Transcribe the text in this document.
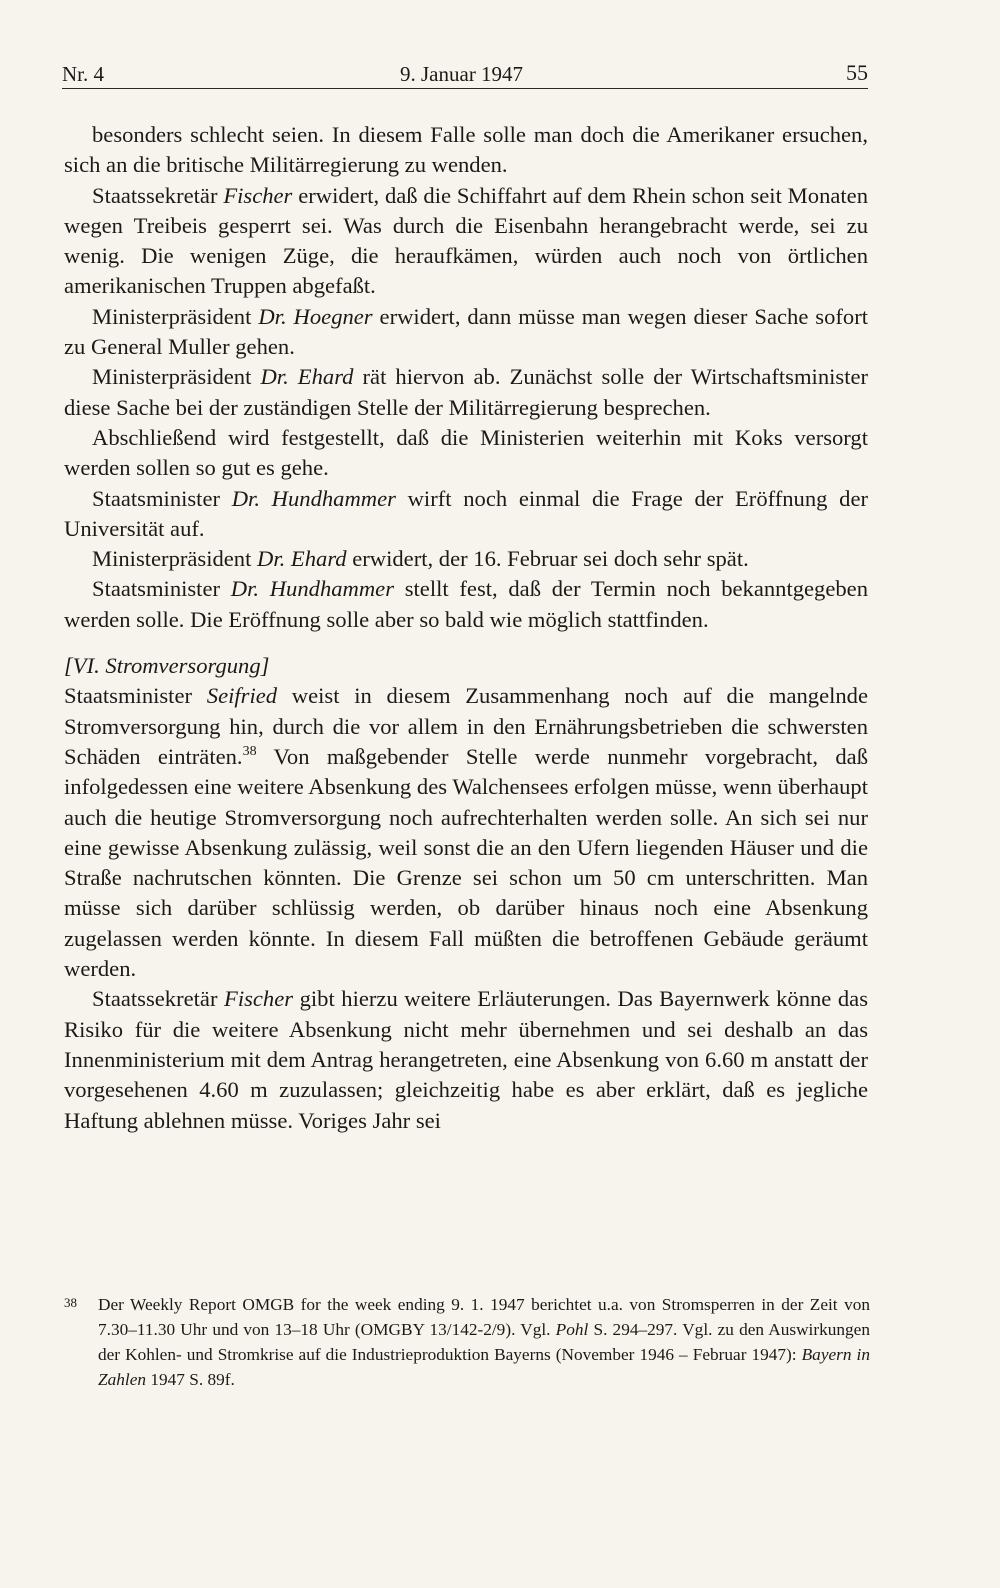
Nr. 4	9. Januar 1947	55

besonders schlecht seien. In diesem Falle solle man doch die Amerikaner ersuchen, sich an die britische Militärregierung zu wenden.

Staatssekretär Fischer erwidert, daß die Schiffahrt auf dem Rhein schon seit Monaten wegen Treibeis gesperrt sei. Was durch die Eisenbahn herangebracht werde, sei zu wenig. Die wenigen Züge, die heraufkämen, würden auch noch von örtlichen amerikanischen Truppen abgefaßt.

Ministerpräsident Dr. Hoegner erwidert, dann müsse man wegen dieser Sache sofort zu General Muller gehen.

Ministerpräsident Dr. Ehard rät hiervon ab. Zunächst solle der Wirtschaftsminister diese Sache bei der zuständigen Stelle der Militärregierung besprechen.

Abschließend wird festgestellt, daß die Ministerien weiterhin mit Koks versorgt werden sollen so gut es gehe.

Staatsminister Dr. Hundhammer wirft noch einmal die Frage der Eröffnung der Universität auf.

Ministerpräsident Dr. Ehard erwidert, der 16. Februar sei doch sehr spät.

Staatsminister Dr. Hundhammer stellt fest, daß der Termin noch bekanntgegeben werden solle. Die Eröffnung solle aber so bald wie möglich stattfinden.

[VI. Stromversorgung]

Staatsminister Seifried weist in diesem Zusammenhang noch auf die mangelnde Stromversorgung hin, durch die vor allem in den Ernährungsbetrieben die schwersten Schäden einträten.$^{38}$ Von maßgebender Stelle werde nunmehr vorgebracht, daß infolgedessen eine weitere Absenkung des Walchensees erfolgen müsse, wenn überhaupt auch die heutige Stromversorgung noch aufrechterhalten werden solle. An sich sei nur eine gewisse Absenkung zulässig, weil sonst die an den Ufern liegenden Häuser und die Straße nachrutschen könnten. Die Grenze sei schon um 50 cm unterschritten. Man müsse sich darüber schlüssig werden, ob darüber hinaus noch eine Absenkung zugelassen werden könnte. In diesem Fall müßten die betroffenen Gebäude geräumt werden.

Staatssekretär Fischer gibt hierzu weitere Erläuterungen. Das Bayernwerk könne das Risiko für die weitere Absenkung nicht mehr übernehmen und sei deshalb an das Innenministerium mit dem Antrag herangetreten, eine Absenkung von 6.60 m anstatt der vorgesehenen 4.60 m zuzulassen; gleichzeitig habe es aber erklärt, daß es jegliche Haftung ablehnen müsse. Voriges Jahr sei

38	Der Weekly Report OMGB for the week ending 9. 1. 1947 berichtet u.a. von Stromsperren in der Zeit von 7.30–11.30 Uhr und von 13–18 Uhr (OMGBY 13/142-2/9). Vgl. Pohl S. 294–297. Vgl. zu den Auswirkungen der Kohlen- und Stromkrise auf die Industrieproduktion Bayerns (November 1946 – Februar 1947): Bayern in Zahlen 1947 S. 89f.
